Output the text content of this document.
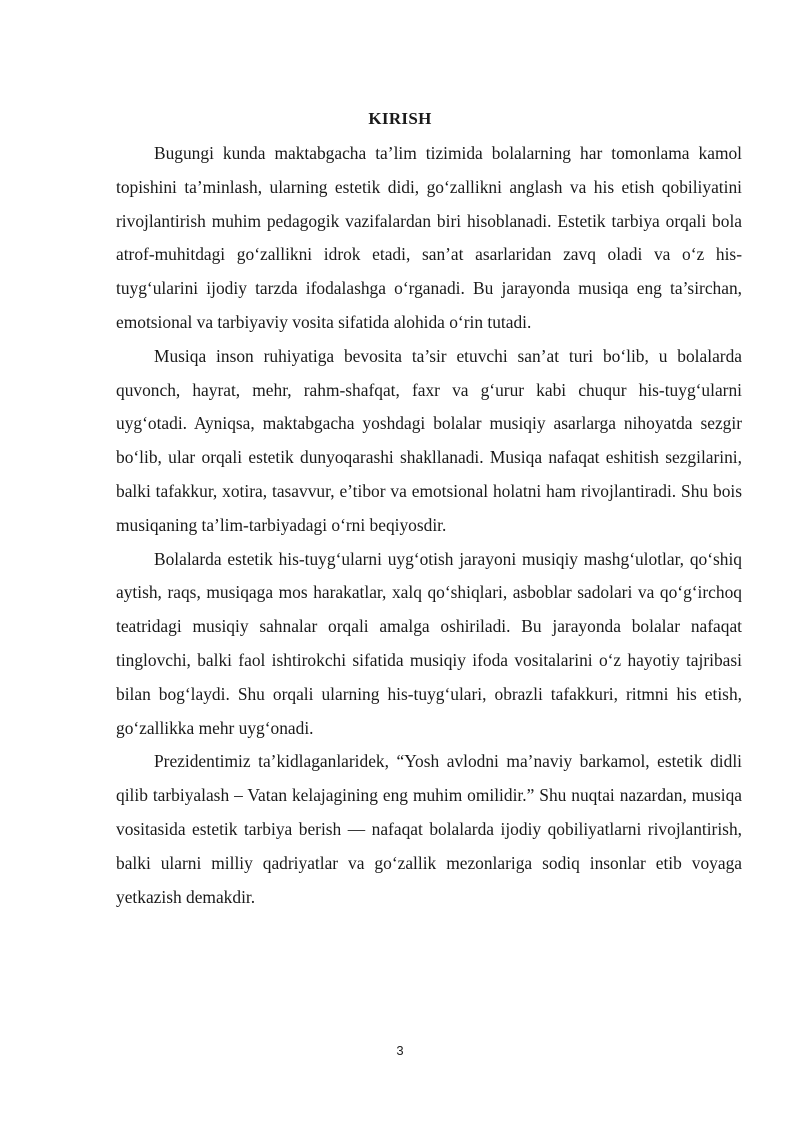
KIRISH

Bugungi kunda maktabgacha ta’lim tizimida bolalarning har tomonlama kamol topishini ta’minlash, ularning estetik didi, go‘zallikni anglash va his etish qobiliyatini rivojlantirish muhim pedagogik vazifalardan biri hisoblanadi. Estetik tarbiya orqali bola atrof-muhitdagi go‘zallikni idrok etadi, san’at asarlaridan zavq oladi va o‘z his-tuyg‘ularini ijodiy tarzda ifodalashga o‘rganadi. Bu jarayonda musiqa eng ta’sirchan, emotsional va tarbiyaviy vosita sifatida alohida o‘rin tutadi.

Musiqa inson ruhiyatiga bevosita ta’sir etuvchi san’at turi bo‘lib, u bolalarda quvonch, hayrat, mehr, rahm-shafqat, faxr va g‘urur kabi chuqur his-tuyg‘ularni uyg‘otadi. Ayniqsa, maktabgacha yoshdagi bolalar musiqiy asarlarga nihoyatda sezgir bo‘lib, ular orqali estetik dunyoqarashi shakllanadi. Musiqa nafaqat eshitish sezgilarini, balki tafakkur, xotira, tasavvur, e’tibor va emotsional holatni ham rivojlantiradi. Shu bois musiqaning ta’lim-tarbiyadagi o‘rni beqiyosdir.

Bolalarda estetik his-tuyg‘ularni uyg‘otish jarayoni musiqiy mashg‘ulotlar, qo‘shiq aytish, raqs, musiqaga mos harakatlar, xalq qo‘shiqlari, asboblar sadolari va qo‘g‘irchoq teatridagi musiqiy sahnalar orqali amalga oshiriladi. Bu jarayonda bolalar nafaqat tinglovchi, balki faol ishtirokchi sifatida musiqiy ifoda vositalarini o‘z hayotiy tajribasi bilan bog‘laydi. Shu orqali ularning his-tuyg‘ulari, obrazli tafakkuri, ritmni his etish, go‘zallikka mehr uyg‘onadi.

Prezidentimiz ta’kidlaganlaridek, “Yosh avlodni ma’naviy barkamol, estetik didli qilib tarbiyalash – Vatan kelajagining eng muhim omilidir.” Shu nuqtai nazardan, musiqa vositasida estetik tarbiya berish — nafaqat bolalarda ijodiy qobiliyatlarni rivojlantirish, balki ularni milliy qadriyatlar va go‘zallik mezonlariga sodiq insonlar etib voyaga yetkazish demakdir.

3
